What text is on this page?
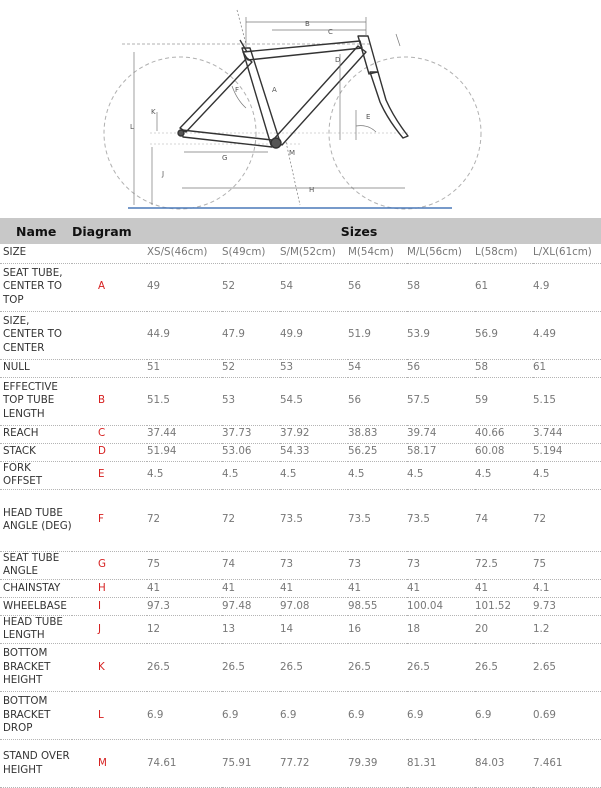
A
B
C
D
E
F
G
H
J
K
L
M
Name	Diagram	Sizes						
SIZE		XS/S(46cm)	S(49cm)	S/M(52cm)	M(54cm)	M/L(56cm)	L(58cm)	L/XL(61cm)
SEAT TUBE, CENTER TO TOP	A	49	52	54	56	58	61	4.9
SIZE, CENTER TO CENTER		44.9	47.9	49.9	51.9	53.9	56.9	4.49
NULL		51	52	53	54	56	58	61
EFFECTIVE TOP TUBE LENGTH	B	51.5	53	54.5	56	57.5	59	5.15
REACH	C	37.44	37.73	37.92	38.83	39.74	40.66	3.744
STACK	D	51.94	53.06	54.33	56.25	58.17	60.08	5.194
FORK OFFSET	E	4.5	4.5	4.5	4.5	4.5	4.5	4.5
HEAD TUBE ANGLE (DEG)	F	72	72	73.5	73.5	73.5	74	72
SEAT TUBE ANGLE	G	75	74	73	73	73	72.5	75
CHAINSTAY	H	41	41	41	41	41	41	4.1
WHEELBASE	I	97.3	97.48	97.08	98.55	100.04	101.52	9.73
HEAD TUBE LENGTH	J	12	13	14	16	18	20	1.2
BOTTOM BRACKET HEIGHT	K	26.5	26.5	26.5	26.5	26.5	26.5	2.65
BOTTOM BRACKET DROP	L	6.9	6.9	6.9	6.9	6.9	6.9	0.69
STAND OVER HEIGHT	M	74.61	75.91	77.72	79.39	81.31	84.03	7.461
